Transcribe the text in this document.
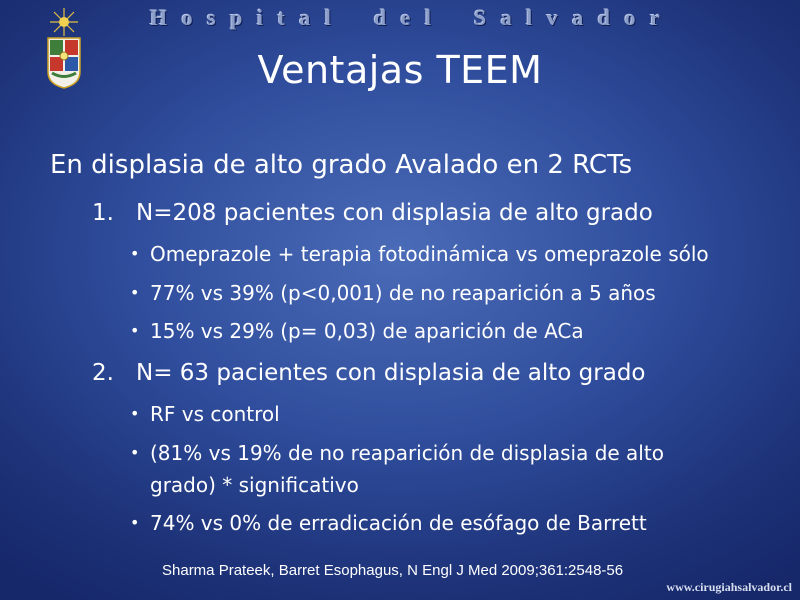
H o s p i t a l d e l S a l v a d o r
Ventajas TEEM
En displasia de alto grado Avalado en 2 RCTs
1. N=208 pacientes con displasia de alto grado
• Omeprazole + terapia fotodinámica vs omeprazole sólo
• 77% vs 39% (p<0,001) de no reaparición a 5 años
• 15% vs 29% (p= 0,03) de aparición de ACa
2. N= 63 pacientes con displasia de alto grado
• RF vs control
• (81% vs 19% de no reaparición de displasia de alto grado) * significativo
• 74% vs 0% de erradicación de esófago de Barrett
Sharma Prateek, Barret Esophagus, N Engl J Med 2009;361:2548-56
www.cirugiahsalvador.cl
